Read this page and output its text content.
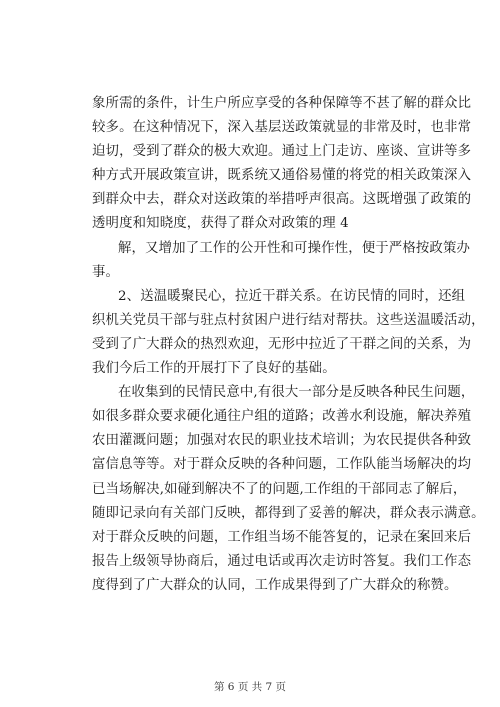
象所需的条件，计生户所应享受的各种保障等不甚了解的群众比
较多。在这种情况下，深入基层送政策就显的非常及时，也非常
迫切，受到了群众的极大欢迎。通过上门走访、座谈、宣讲等多
种方式开展政策宣讲，既系统又通俗易懂的将党的相关政策深入
到群众中去，群众对送政策的举措呼声很高。这既增强了政策的
透明度和知晓度，获得了群众对政策的理 4
解，又增加了工作的公开性和可操作性，便于严格按政策办
事。
2、送温暖聚民心，拉近干群关系。在访民情的同时，还组
织机关党员干部与驻点村贫困户进行结对帮扶。这些送温暖活动，
受到了广大群众的热烈欢迎，无形中拉近了干群之间的关系，为
我们今后工作的开展打下了良好的基础。
在收集到的民情民意中,有很大一部分是反映各种民生问题，
如很多群众要求硬化通往户组的道路；改善水利设施，解决养殖
农田灌溉问题；加强对农民的职业技术培训；为农民提供各种致
富信息等等。对于群众反映的各种问题，工作队能当场解决的均
已当场解决,如碰到解决不了的问题,工作组的干部同志了解后，
随即记录向有关部门反映，都得到了妥善的解决，群众表示满意。
对于群众反映的问题，工作组当场不能答复的，记录在案回来后
报告上级领导协商后，通过电话或再次走访时答复。我们工作态
度得到了广大群众的认同，工作成果得到了广大群众的称赞。
第 6 页 共 7 页
